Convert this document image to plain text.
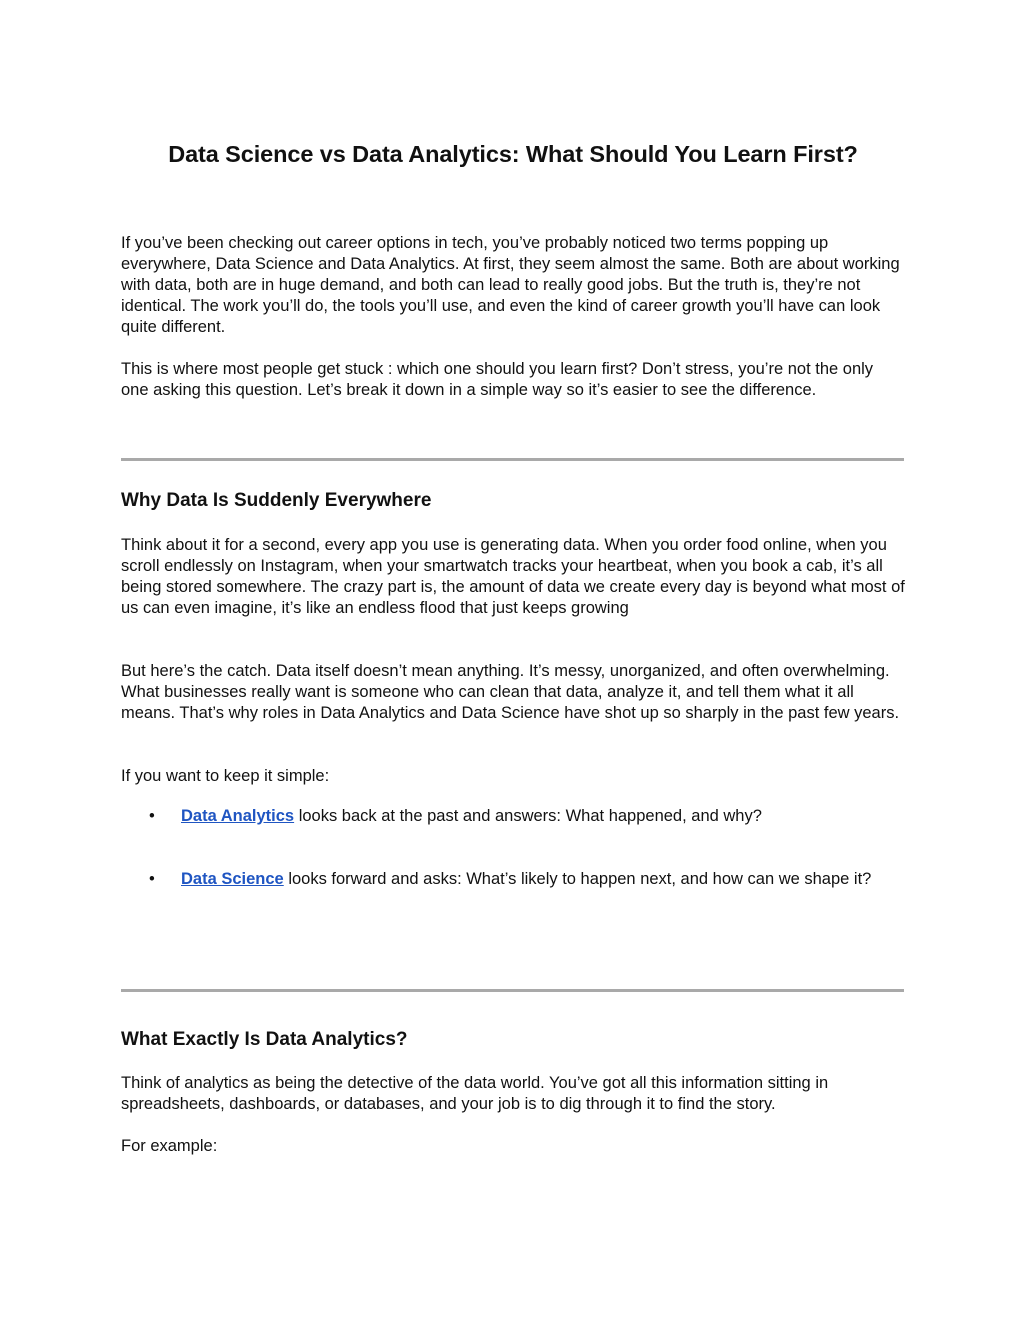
Data Science vs Data Analytics: What Should You Learn First?

If you’ve been checking out career options in tech, you’ve probably noticed two terms popping up everywhere, Data Science and Data Analytics. At first, they seem almost the same. Both are about working with data, both are in huge demand, and both can lead to really good jobs. But the truth is, they’re not identical. The work you’ll do, the tools you’ll use, and even the kind of career growth you’ll have can look quite different.

This is where most people get stuck : which one should you learn first? Don’t stress, you’re not the only one asking this question. Let’s break it down in a simple way so it’s easier to see the difference.

Why Data Is Suddenly Everywhere

Think about it for a second, every app you use is generating data. When you order food online, when you scroll endlessly on Instagram, when your smartwatch tracks your heartbeat, when you book a cab, it’s all being stored somewhere. The crazy part is, the amount of data we create every day is beyond what most of us can even imagine, it’s like an endless flood that just keeps growing

But here’s the catch. Data itself doesn’t mean anything. It’s messy, unorganized, and often overwhelming. What businesses really want is someone who can clean that data, analyze it, and tell them what it all means. That’s why roles in Data Analytics and Data Science have shot up so sharply in the past few years.

If you want to keep it simple:

• Data Analytics looks back at the past and answers: What happened, and why?
• Data Science looks forward and asks: What’s likely to happen next, and how can we shape it?
What Exactly Is Data Analytics?

Think of analytics as being the detective of the data world. You’ve got all this information sitting in spreadsheets, dashboards, or databases, and your job is to dig through it to find the story.

For example:
